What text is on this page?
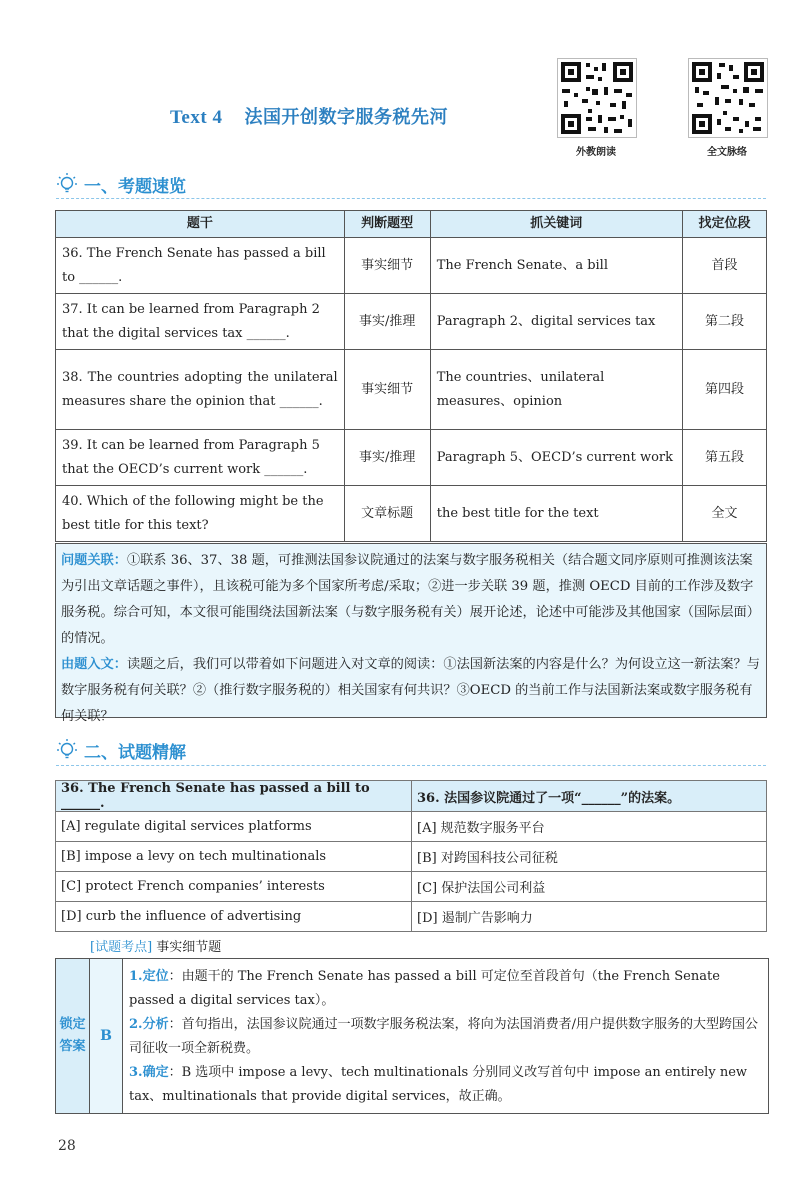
Text 4 法国开创数字服务税先河
外教朗读	全文脉络
一、考题速览
题干	判断题型	抓关键词	找定位段
36. The French Senate has passed a bill to ______.	事实细节	The French Senate、a bill	首段
37. It can be learned from Paragraph 2 that the digital services tax ______.	事实/推理	Paragraph 2、digital services tax	第二段
38. The countries adopting the unilateral measures share the opinion that ______.	事实细节	The countries、unilateral measures、opinion	第四段
39. It can be learned from Paragraph 5 that the OECD’s current work ______.	事实/推理	Paragraph 5、OECD’s current work	第五段
40. Which of the following might be the best title for this text?	文章标题	the best title for the text	全文
问题关联：①联系 36、37、38 题，可推测法国参议院通过的法案与数字服务税相关（结合题文同序原则可推测该法案为引出文章话题之事件），且该税可能为多个国家所考虑/采取；②进一步关联 39 题，推测 OECD 目前的工作涉及数字服务税。综合可知，本文很可能围绕法国新法案（与数字服务税有关）展开论述，论述中可能涉及其他国家（国际层面）的情况。
由题入文：读题之后，我们可以带着如下问题进入对文章的阅读：①法国新法案的内容是什么？为何设立这一新法案？与数字服务税有何关联？②（推行数字服务税的）相关国家有何共识？③OECD 的当前工作与法国新法案或数字服务税有何关联？
二、试题精解
36. The French Senate has passed a bill to ______.	36. 法国参议院通过了一项“______”的法案。
[A] regulate digital services platforms	[A] 规范数字服务平台
[B] impose a levy on tech multinationals	[B] 对跨国科技公司征税
[C] protect French companies’ interests	[C] 保护法国公司利益
[D] curb the influence of advertising	[D] 遏制广告影响力
[试题考点] 事实细节题
锁定答案
B
1.定位：由题干的 The French Senate has passed a bill 可定位至首段首句（the French Senate passed a digital services tax）。
2.分析：首句指出，法国参议院通过一项数字服务税法案，将向为法国消费者/用户提供数字服务的大型跨国公司征收一项全新税费。
3.确定：B 选项中 impose a levy、tech multinationals 分别同义改写首句中 impose an entirely new tax、multinationals that provide digital services，故正确。
28
